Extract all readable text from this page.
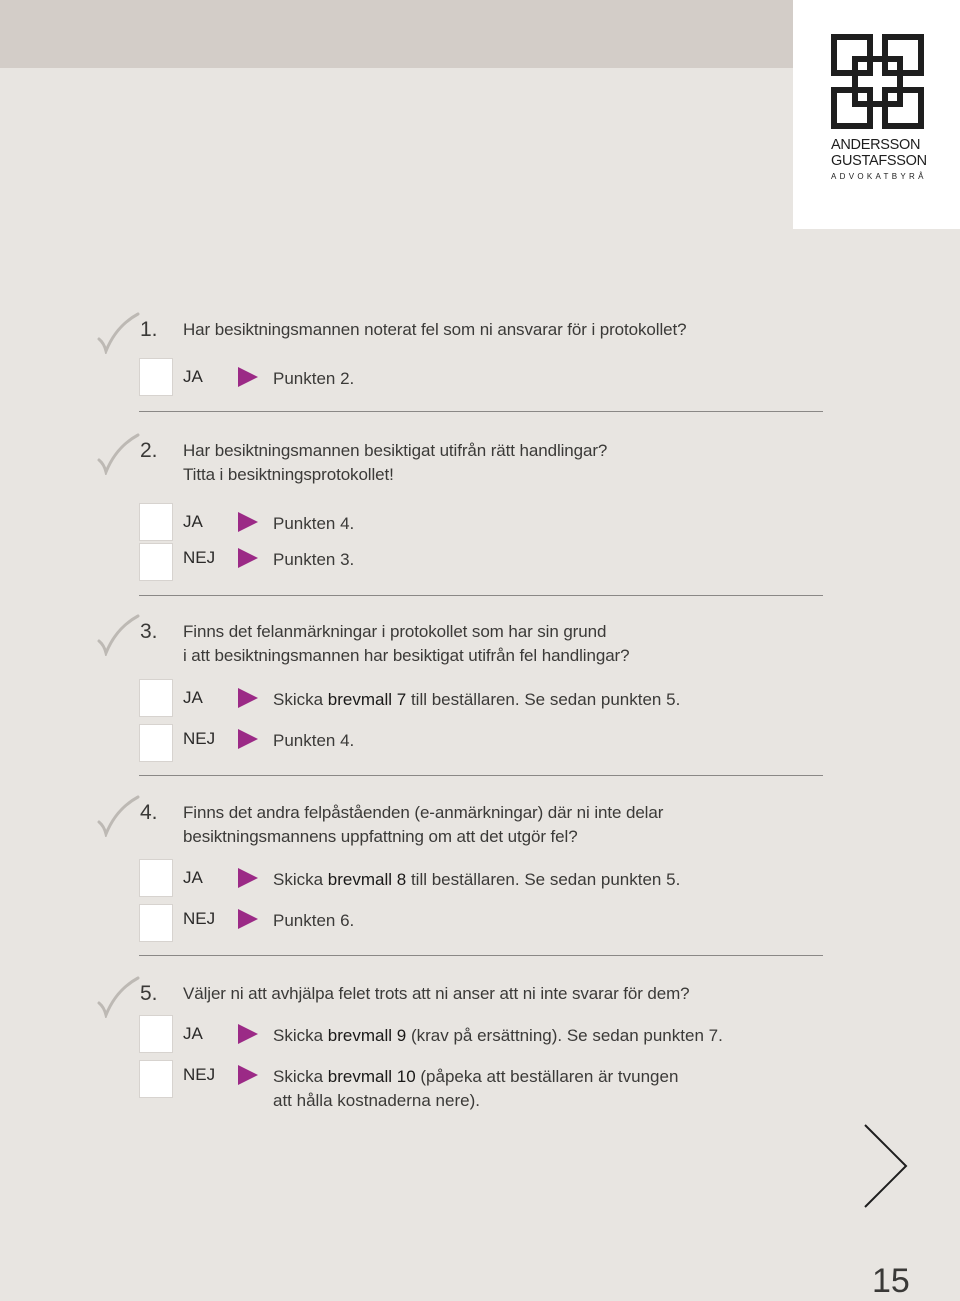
ANDERSSON
GUSTAFSSON
ADVOKATBYRÅ
1. Har besiktningsmannen noterat fel som ni ansvarar för i protokollet?
JA	Punkten 2.
2. Har besiktningsmannen besiktigat utifrån rätt handlingar?
Titta i besiktningsprotokollet!
JA	Punkten 4.
NEJ	Punkten 3.
3. Finns det felanmärkningar i protokollet som har sin grund
i att besiktningsmannen har besiktigat utifrån fel handlingar?
JA	Skicka brevmall 7 till beställaren. Se sedan punkten 5.
NEJ	Punkten 4.
4. Finns det andra felpåståenden (e-anmärkningar) där ni inte delar
besiktningsmannens uppfattning om att det utgör fel?
JA	Skicka brevmall 8 till beställaren. Se sedan punkten 5.
NEJ	Punkten 6.
5. Väljer ni att avhjälpa felet trots att ni anser att ni inte svarar för dem?
JA	Skicka brevmall 9 (krav på ersättning). Se sedan punkten 7.
NEJ	Skicka brevmall 10 (påpeka att beställaren är tvungen
att hålla kostnaderna nere).
15
